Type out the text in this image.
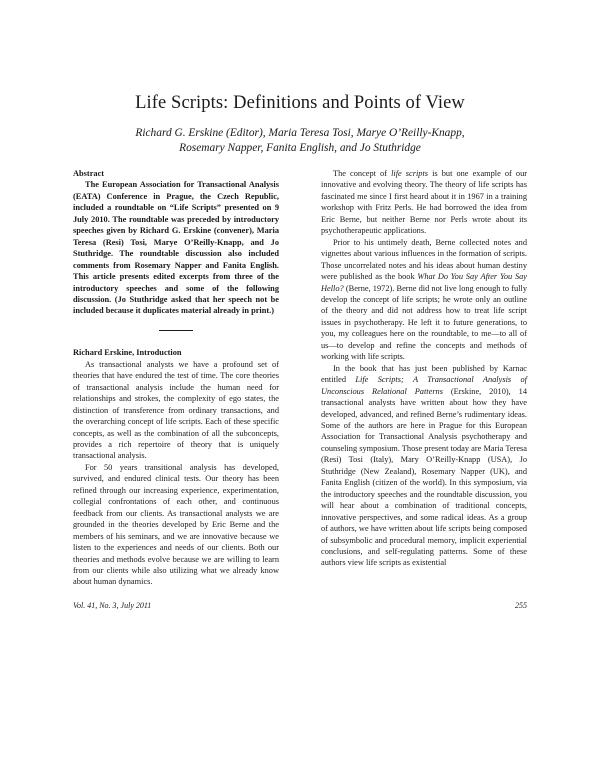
Life Scripts: Definitions and Points of View
Richard G. Erskine (Editor), Maria Teresa Tosi, Marye O’Reilly-Knapp,
Rosemary Napper, Fanita English, and Jo Stuthridge

Abstract

The European Association for Transactional Analysis (EATA) Conference in Prague, the Czech Republic, included a roundtable on “Life Scripts” presented on 9 July 2010. The roundtable was preceded by introductory speeches given by Richard G. Erskine (convener), Maria Teresa (Resi) Tosi, Marye O’Reilly-Knapp, and Jo Stuthridge. The roundtable discussion also included comments from Rosemary Napper and Fanita English. This article presents edited excerpts from three of the introductory speeches and some of the following discussion. (Jo Stuthridge asked that her speech not be included because it duplicates material already in print.)

Richard Erskine, Introduction

As transactional analysts we have a profound set of theories that have endured the test of time. The core theories of transactional analysis include the human need for relationships and strokes, the complexity of ego states, the distinction of transference from ordinary transactions, and the overarching concept of life scripts. Each of these specific concepts, as well as the combination of all the subconcepts, provides a rich repertoire of theory that is uniquely transactional analysis.

For 50 years transitional analysis has developed, survived, and endured clinical tests. Our theory has been refined through our increasing experience, experimentation, collegial confrontations of each other, and continuous feedback from our clients. As transactional analysts we are grounded in the theories developed by Eric Berne and the members of his seminars, and we are innovative because we listen to the experiences and needs of our clients. Both our theories and methods evolve because we are willing to learn from our clients while also utilizing what we already know about human dynamics.

The concept of life scripts is but one example of our innovative and evolving theory. The theory of life scripts has fascinated me since I first heard about it in 1967 in a training workshop with Fritz Perls. He had borrowed the idea from Eric Berne, but neither Berne nor Perls wrote about its psychotherapeutic applications.

Prior to his untimely death, Berne collected notes and vignettes about various influences in the formation of scripts. Those uncorrelated notes and his ideas about human destiny were published as the book What Do You Say After You Say Hello? (Berne, 1972). Berne did not live long enough to fully develop the concept of life scripts; he wrote only an outline of the theory and did not address how to treat life script issues in psychotherapy. He left it to future generations, to you, my colleagues here on the roundtable, to me—to all of us—to develop and refine the concepts and methods of working with life scripts.

In the book that has just been published by Karnac entitled Life Scripts; A Transactional Analysis of Unconscious Relational Patterns (Erskine, 2010), 14 transactional analysts have written about how they have developed, advanced, and refined Berne’s rudimentary ideas. Some of the authors are here in Prague for this European Association for Transactional Analysis psychotherapy and counseling symposium. Those present today are Maria Teresa (Resi) Tosi (Italy), Mary O’Reilly-Knapp (USA), Jo Stuthridge (New Zealand), Rosemary Napper (UK), and Fanita English (citizen of the world). In this symposium, via the introductory speeches and the roundtable discussion, you will hear about a combination of traditional concepts, innovative perspectives, and some radical ideas. As a group of authors, we have written about life scripts being composed of subsymbolic and procedural memory, implicit experiential conclusions, and self-regulating patterns. Some of these authors view life scripts as existential

Vol. 41, No. 3, July 2011	255
